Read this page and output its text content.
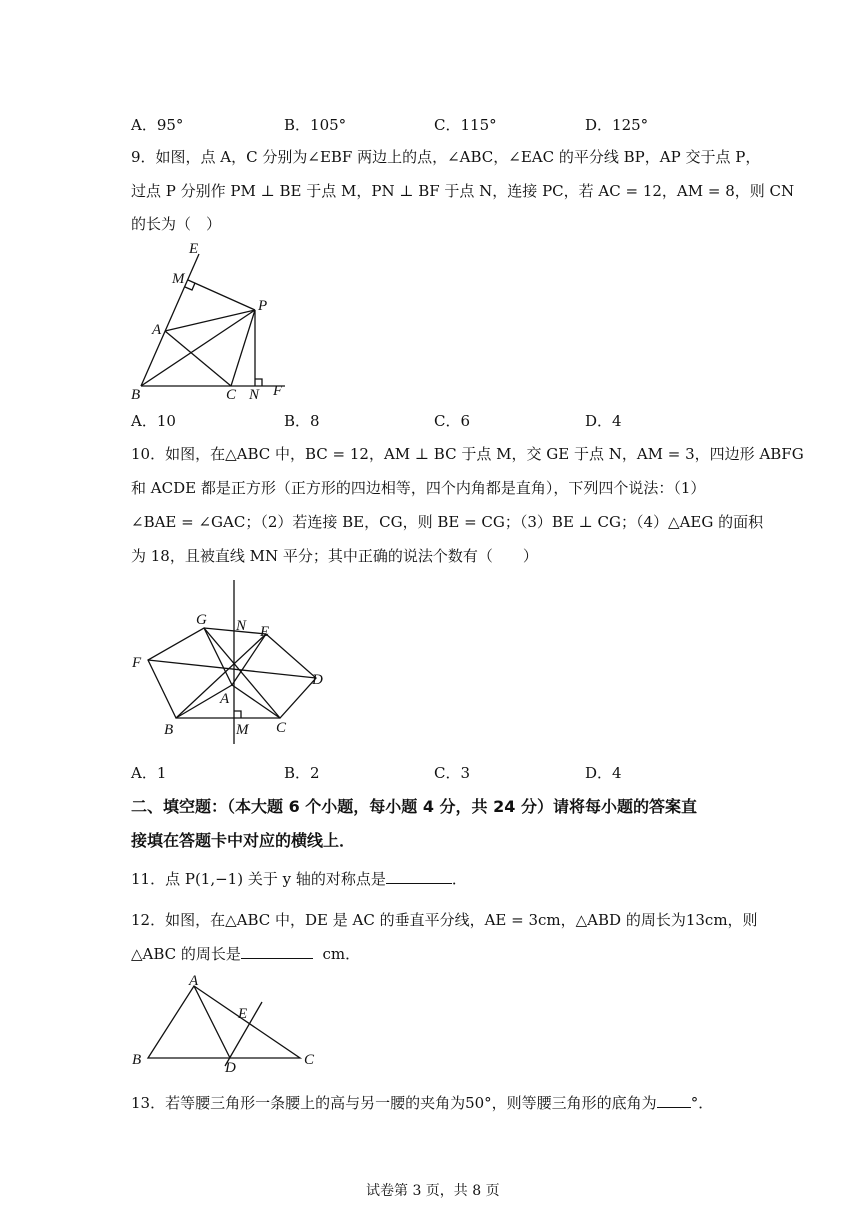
A．95°	B．105°	C．115°	D．125°
9．如图，点 A，C 分别为∠EBF 两边上的点，∠ABC，∠EAC 的平分线 BP，AP 交于点 P，
过点 P 分别作 PM ⊥ BE 于点 M，PN ⊥ BF 于点 N，连接 PC，若 AC = 12，AM = 8，则 CN
的长为（　）
E
M
P
A
B	C N F
A．10	B．8	C．6	D．4
10．如图，在△ABC 中，BC = 12，AM ⊥ BC 于点 M，交 GE 于点 N，AM = 3，四边形 ABFG
和 ACDE 都是正方形（正方形的四边相等，四个内角都是直角），下列四个说法：（1）
∠BAE = ∠GAC；（2）若连接 BE，CG，则 BE = CG；（3）BE ⊥ CG；（4）△AEG 的面积
为 18，且被直线 MN 平分；其中正确的说法个数有（　　）
G N E
F
D
A
B	M C
A．1	B．2	C．3	D．4
二、填空题：（本大题 6 个小题，每小题 4 分，共 24 分）请将每小题的答案直
接填在答题卡中对应的横线上．
11．点 P(1,−1) 关于 y 轴的对称点是	．
12．如图，在△ABC 中，DE 是 AC 的垂直平分线，AE = 3cm，△ABD 的周长为13cm，则
△ABC 的周长是	cm．
A
E
B	D	C
13．若等腰三角形一条腰上的高与另一腰的夹角为50°，则等腰三角形的底角为 °．
试卷第 3 页，共 8 页
